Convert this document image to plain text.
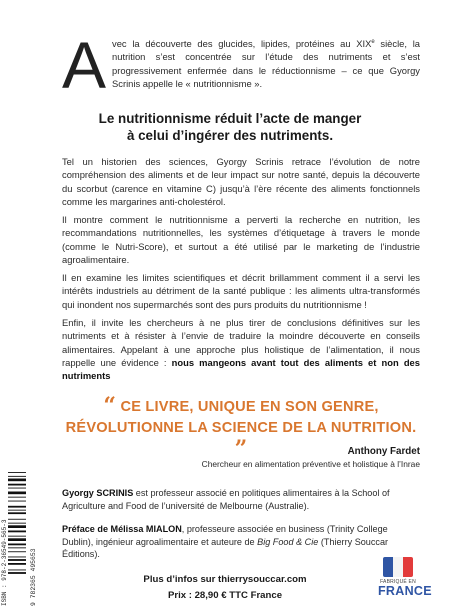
Avec la découverte des glucides, lipides, protéines au XIXe siècle, la nutrition s’est concentrée sur l’étude des nutriments et s’est progressivement enfermée dans le réductionnisme – ce que Gyorgy Scrinis appelle le « nutritionnisme ».
Le nutritionnisme réduit l’acte de manger
à celui d’ingérer des nutriments.
Tel un historien des sciences, Gyorgy Scrinis retrace l’évolution de notre compréhension des aliments et de leur impact sur notre santé, depuis la découverte du scorbut (carence en vitamine C) jusqu’à l’ère récente des aliments fonctionnels comme les margarines anti-cholestérol.
Il montre comment le nutritionnisme a perverti la recherche en nutrition, les recommandations nutritionnelles, les systèmes d’étiquetage à travers le monde (comme le Nutri-Score), et surtout a été utilisé par le marketing de l’industrie agroalimentaire.
Il en examine les limites scientifiques et décrit brillamment comment il a servi les intérêts industriels au détriment de la santé publique : les aliments ultra-transformés qui inondent nos supermarchés sont des purs produits du nutritionnisme !
Enfin, il invite les chercheurs à ne plus tirer de conclusions définitives sur les nutriments et à résister à l’envie de traduire la moindre découverte en conseils alimentaires. Appelant à une approche plus holistique de l’alimentation, il nous rappelle une évidence : nous mangeons avant tout des aliments et non des nutriments
“ CE LIVRE, UNIQUE EN SON GENRE,
RÉVOLUTIONNE LA SCIENCE DE LA NUTRITION. ”	Anthony Fardet
Chercheur en alimentation préventive et holistique à l’Inrae
Gyorgy SCRINIS est professeur associé en politiques alimentaires à la School of Agriculture and Food de l’université de Melbourne (Australie).
Préface de Mélissa MIALON, professeure associée en business (Trinity College Dublin), ingénieur agroalimentaire et auteure de Big Food & Cie (Thierry Souccar Éditions).
Plus d’infos sur thierrysouccar.com
Prix : 28,90 € TTC France
ISBN : 978-2-36549-565-3	9 782365 495653	FABRIQUÉ EN
FRANCE
